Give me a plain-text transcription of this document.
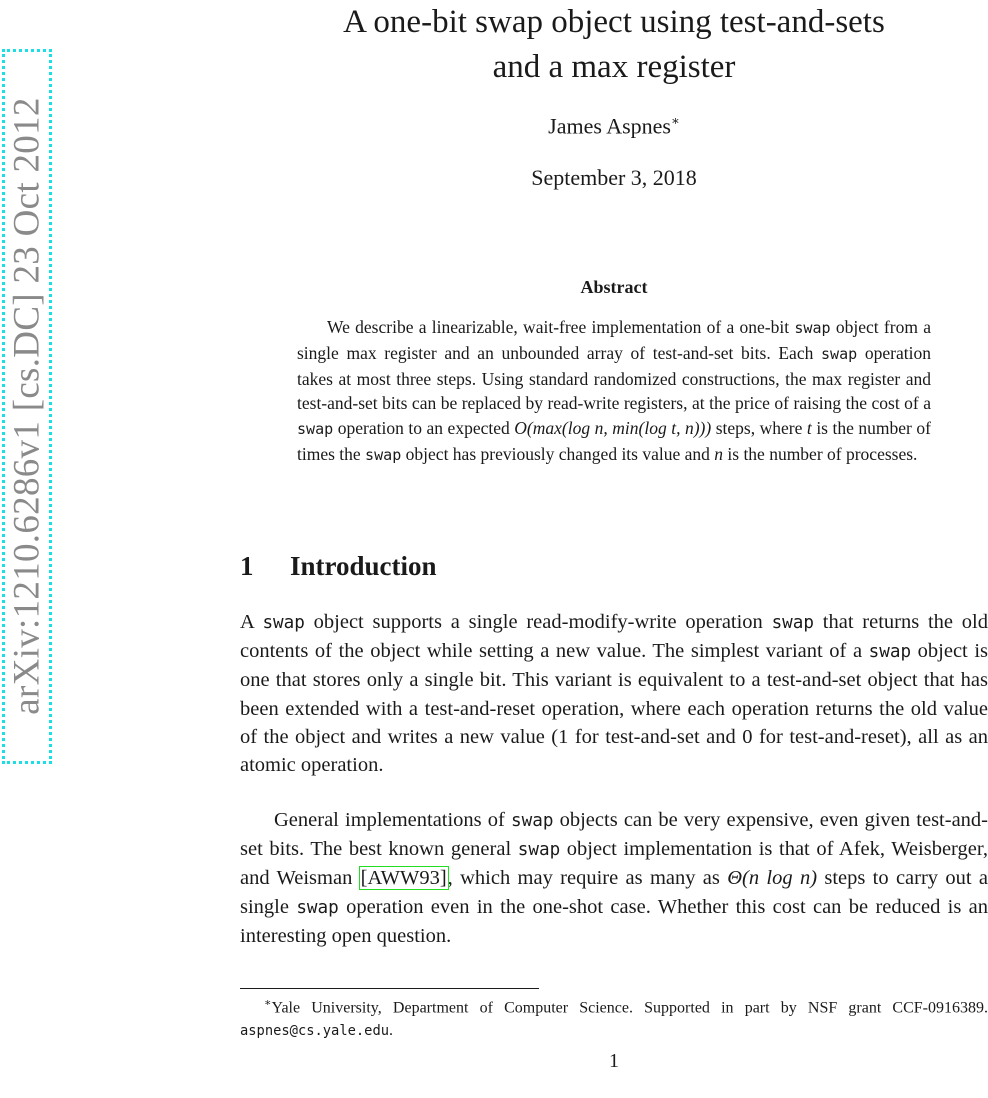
arXiv:1210.6286v1 [cs.DC] 23 Oct 2012
A one-bit swap object using test-and-sets
and a max register
James Aspnes∗
September 3, 2018
Abstract
We describe a linearizable, wait-free implementation of a one-bit swap object from a single max register and an unbounded array of test-and-set bits. Each swap operation takes at most three steps. Using standard randomized constructions, the max register and test-and-set bits can be replaced by read-write registers, at the price of raising the cost of a swap operation to an expected O(max(log n, min(log t, n))) steps, where t is the number of times the swap object has previously changed its value and n is the number of processes.
1 Introduction
A swap object supports a single read-modify-write operation swap that returns the old contents of the object while setting a new value. The simplest variant of a swap object is one that stores only a single bit. This variant is equivalent to a test-and-set object that has been extended with a test-and-reset operation, where each operation returns the old value of the object and writes a new value (1 for test-and-set and 0 for test-and-reset), all as an atomic operation.
General implementations of swap objects can be very expensive, even given test-and-set bits. The best known general swap object implementation is that of Afek, Weisberger, and Weisman [AWW93], which may require as many as Θ(n log n) steps to carry out a single swap operation even in the one-shot case. Whether this cost can be reduced is an interesting open question.
∗Yale University, Department of Computer Science. Supported in part by NSF grant CCF-0916389. aspnes@cs.yale.edu.
1
